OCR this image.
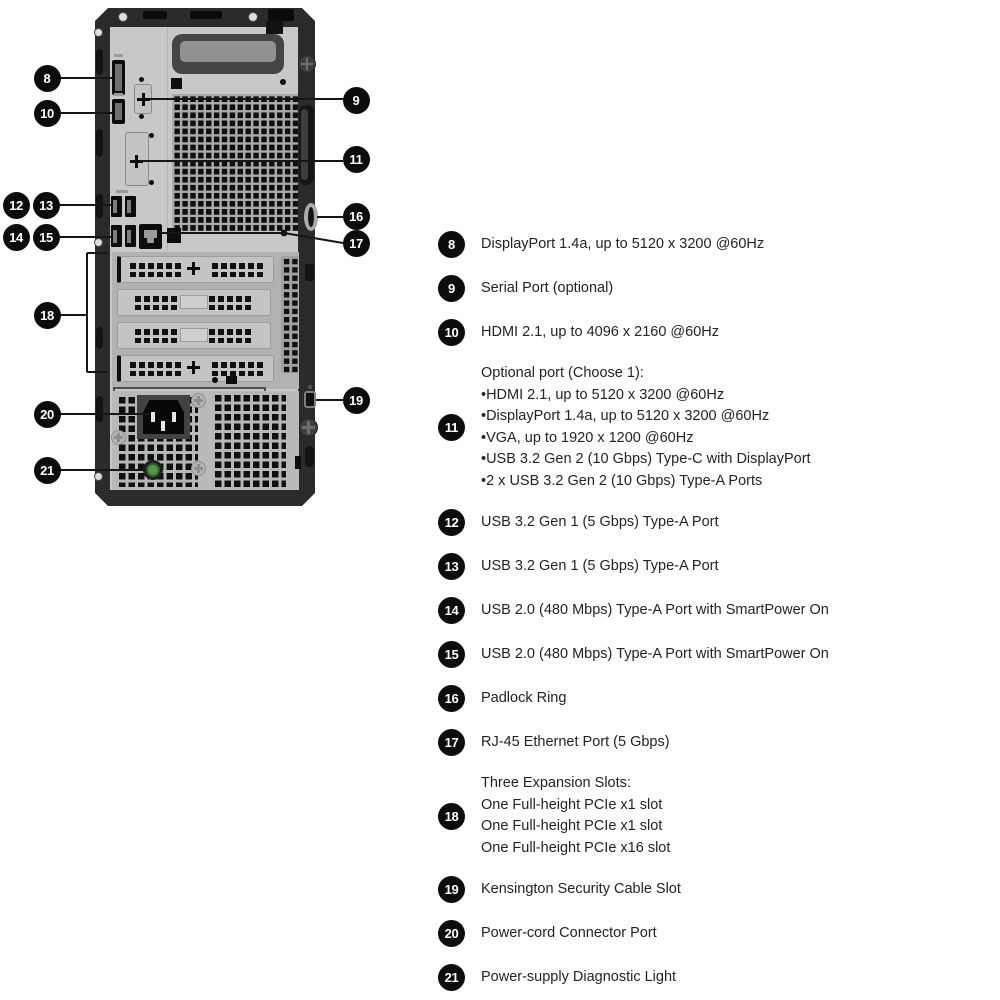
8
10
12	13
14	15
18
20
21
9
11
16
17
19
8	DisplayPort 1.4a, up to 5120 x 3200 @60Hz
9	Serial Port (optional)
10	HDMI 2.1, up to 4096 x 2160 @60Hz
11
Optional port (Choose 1):
•HDMI 2.1, up to 5120 x 3200 @60Hz
•DisplayPort 1.4a, up to 5120 x 3200 @60Hz
•VGA, up to 1920 x 1200 @60Hz
•USB 3.2 Gen 2 (10 Gbps) Type-C with DisplayPort
•2 x USB 3.2 Gen 2 (10 Gbps) Type-A Ports
12	USB 3.2 Gen 1 (5 Gbps) Type-A Port
13	USB 3.2 Gen 1 (5 Gbps) Type-A Port
14	USB 2.0 (480 Mbps) Type-A Port with SmartPower On
15	USB 2.0 (480 Mbps) Type-A Port with SmartPower On
16	Padlock Ring
17	RJ-45 Ethernet Port (5 Gbps)
18
Three Expansion Slots:
One Full-height PCIe x1 slot
One Full-height PCIe x1 slot
One Full-height PCIe x16 slot
19	Kensington Security Cable Slot
20	Power-cord Connector Port
21	Power-supply Diagnostic Light
